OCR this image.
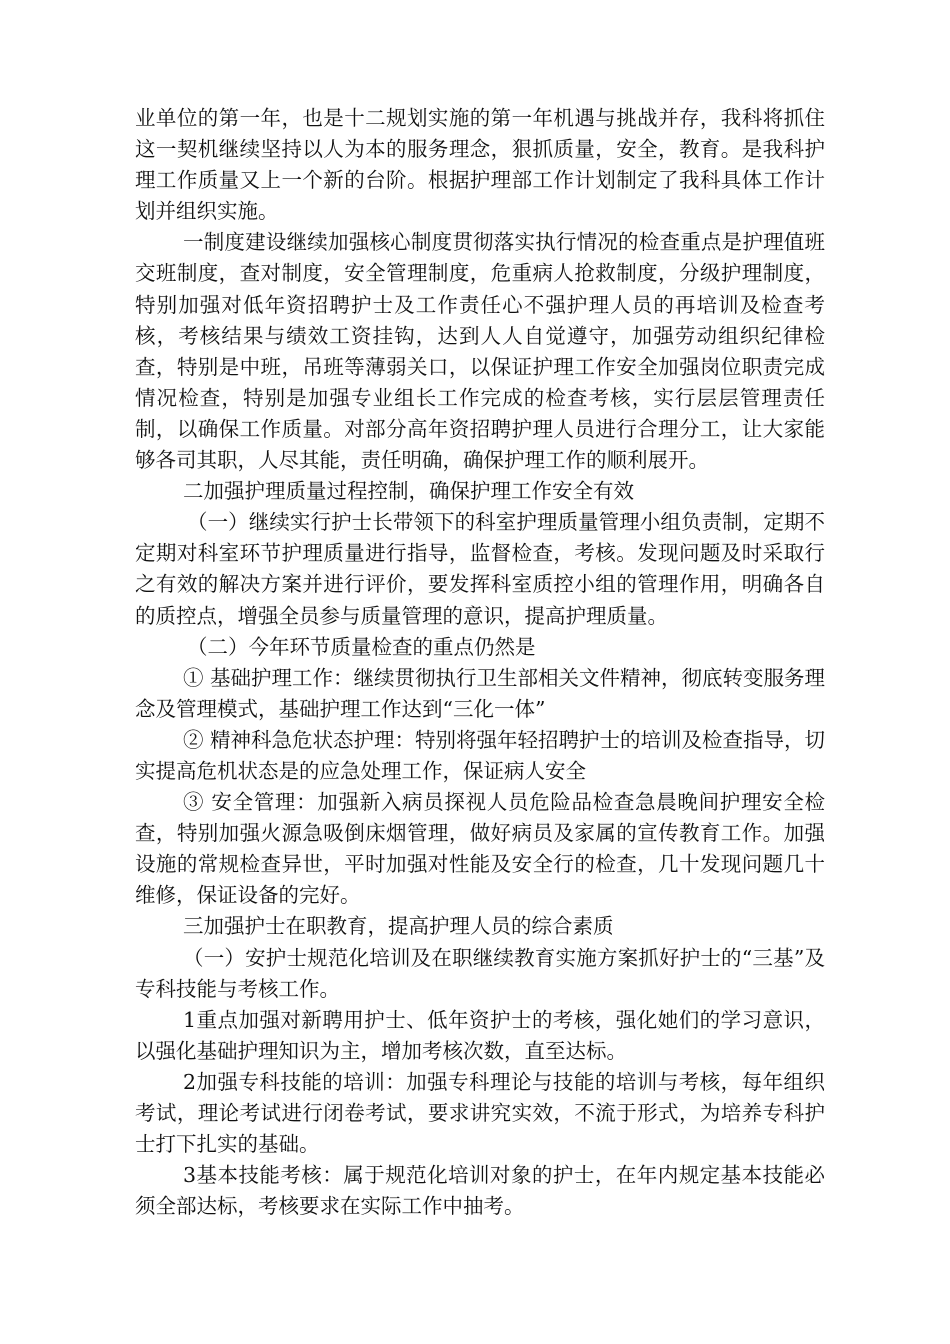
业单位的第一年，也是十二规划实施的第一年机遇与挑战并存，我科将抓住这一契机继续坚持以人为本的服务理念，狠抓质量，安全，教育。是我科护理工作质量又上一个新的台阶。根据护理部工作计划制定了我科具体工作计划并组织实施。

一制度建设继续加强核心制度贯彻落实执行情况的检查重点是护理值班交班制度，查对制度，安全管理制度，危重病人抢救制度，分级护理制度，特别加强对低年资招聘护士及工作责任心不强护理人员的再培训及检查考核，考核结果与绩效工资挂钩，达到人人自觉遵守，加强劳动组织纪律检查，特别是中班，吊班等薄弱关口，以保证护理工作安全加强岗位职责完成情况检查，特别是加强专业组长工作完成的检查考核，实行层层管理责任制，以确保工作质量。对部分高年资招聘护理人员进行合理分工，让大家能够各司其职，人尽其能，责任明确，确保护理工作的顺利展开。

二加强护理质量过程控制，确保护理工作安全有效

（一）继续实行护士长带领下的科室护理质量管理小组负责制，定期不定期对科室环节护理质量进行指导，监督检查，考核。发现问题及时采取行之有效的解决方案并进行评价，要发挥科室质控小组的管理作用，明确各自的质控点，增强全员参与质量管理的意识，提高护理质量。

（二）今年环节质量检查的重点仍然是

① 基础护理工作：继续贯彻执行卫生部相关文件精神，彻底转变服务理念及管理模式，基础护理工作达到“三化一体”

② 精神科急危状态护理：特别将强年轻招聘护士的培训及检查指导，切实提高危机状态是的应急处理工作，保证病人安全

③ 安全管理：加强新入病员探视人员危险品检查急晨晚间护理安全检查，特别加强火源急吸倒床烟管理，做好病员及家属的宣传教育工作。加强设施的常规检查异世，平时加强对性能及安全行的检查，几十发现问题几十维修，保证设备的完好。

三加强护士在职教育，提高护理人员的综合素质

（一）安护士规范化培训及在职继续教育实施方案抓好护士的“三基”及专科技能与考核工作。

1重点加强对新聘用护士、低年资护士的考核，强化她们的学习意识，以强化基础护理知识为主，增加考核次数，直至达标。

2加强专科技能的培训：加强专科理论与技能的培训与考核，每年组织考试，理论考试进行闭卷考试，要求讲究实效，不流于形式，为培养专科护士打下扎实的基础。

3基本技能考核：属于规范化培训对象的护士，在年内规定基本技能必须全部达标，考核要求在实际工作中抽考。
